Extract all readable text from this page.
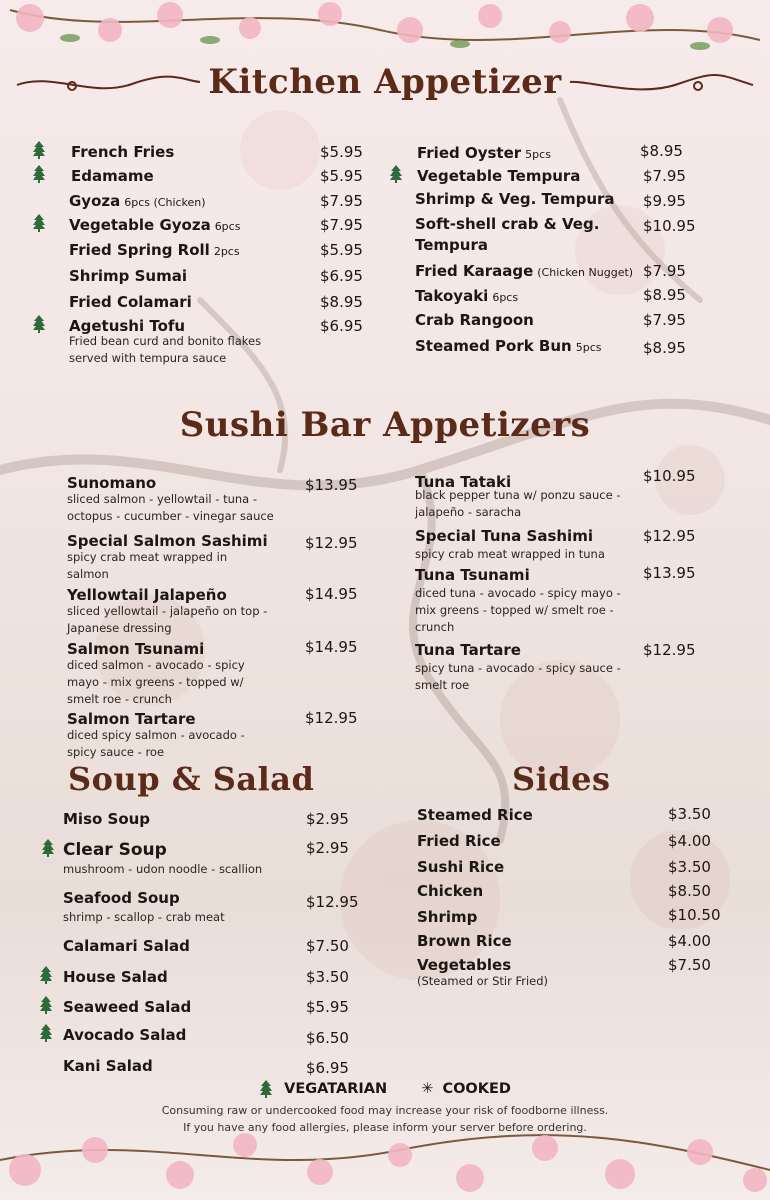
Kitchen Appetizer
Sushi Bar Appetizers
Soup & Salad	Sides
French Fries	$5.95
Edamame	$5.95
Gyoza 6pcs (Chicken)	$7.95
Vegetable Gyoza 6pcs	$7.95
Fried Spring Roll 2pcs	$5.95
Shrimp Sumai	$6.95
Fried Colamari	$8.95
Agetushi Tofu	$6.95
Fried bean curd and bonito flakes
served with tempura sauce
Fried Oyster 5pcs	$8.95
Vegetable Tempura	$7.95
Shrimp & Veg. Tempura $9.95
Soft-shell crab & Veg.	$10.95
Tempura
Fried Karaage (Chicken Nugget) $7.95
Takoyaki 6pcs	$8.95
Crab Rangoon	$7.95
Steamed Pork Bun 5pcs	$8.95
Sunomano	$13.95
sliced salmon - yellowtail - tuna -
octopus - cucumber - vinegar sauce
Special Salmon Sashimi $12.95
spicy crab meat wrapped in
salmon
Yellowtail Jalapeño	$14.95
sliced yellowtail - jalapeño on top -
Japanese dressing
Salmon Tsunami	$14.95
diced salmon - avocado - spicy
mayo - mix greens - topped w/
smelt roe - crunch
Salmon Tartare	$12.95
diced spicy salmon - avocado -
spicy sauce - roe
Tuna Tataki	$10.95
black pepper tuna w/ ponzu sauce -
jalapeño - saracha
Special Tuna Sashimi	$12.95
spicy crab meat wrapped in tuna
Tuna Tsunami	$13.95
diced tuna - avocado - spicy mayo -
mix greens - topped w/ smelt roe -
crunch
Tuna Tartare	$12.95
spicy tuna - avocado - spicy sauce -
smelt roe
Miso Soup	$2.95
Clear Soup	$2.95
mushroom - udon noodle - scallion
Seafood Soup	$12.95
shrimp - scallop - crab meat
Calamari Salad	$7.50
House Salad	$3.50
Seaweed Salad	$5.95
Avocado Salad	$6.50
Kani Salad	$6.95
Steamed Rice	$3.50
Fried Rice	$4.00
Sushi Rice	$3.50
Chicken	$8.50
Shrimp	$10.50
Brown Rice	$4.00
Vegetables	$7.50
(Steamed or Stir Fried)
VEGATARIAN ✳ COOKED
Consuming raw or undercooked food may increase your risk of foodborne illness.
If you have any food allergies, please inform your server before ordering.
